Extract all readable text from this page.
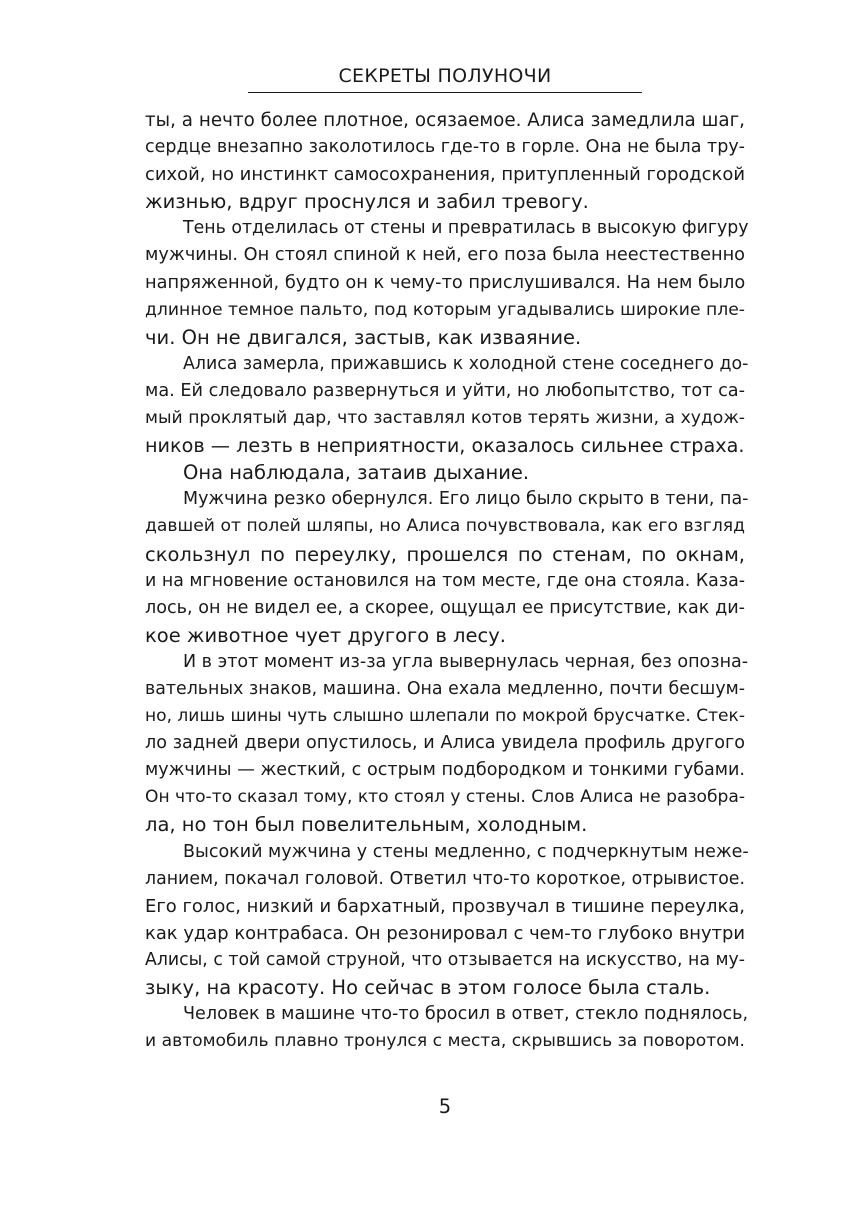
СЕКРЕТЫ ПОЛУНОЧИ
ты, а нечто более плотное, осязаемое. Алиса замедлила шаг,
сердце внезапно заколотилось где-то в горле. Она не была тру-
сихой, но инстинкт самосохранения, притупленный городской
жизнью, вдруг проснулся и забил тревогу.
Тень отделилась от стены и превратилась в высокую фигуру
мужчины. Он стоял спиной к ней, его поза была неестественно
напряженной, будто он к чему-то прислушивался. На нем было
длинное темное пальто, под которым угадывались широкие пле-
чи. Он не двигался, застыв, как изваяние.
Алиса замерла, прижавшись к холодной стене соседнего до-
ма. Ей следовало развернуться и уйти, но любопытство, тот са-
мый проклятый дар, что заставлял котов терять жизни, а худож-
ников — лезть в неприятности, оказалось сильнее страха.
Она наблюдала, затаив дыхание.
Мужчина резко обернулся. Его лицо было скрыто в тени, па-
давшей от полей шляпы, но Алиса почувствовала, как его взгляд
скользнул по переулку, прошелся по стенам, по окнам,
и на мгновение остановился на том месте, где она стояла. Каза-
лось, он не видел ее, а скорее, ощущал ее присутствие, как ди-
кое животное чует другого в лесу.
И в этот момент из-за угла вывернулась черная, без опозна-
вательных знаков, машина. Она ехала медленно, почти бесшум-
но, лишь шины чуть слышно шлепали по мокрой брусчатке. Стек-
ло задней двери опустилось, и Алиса увидела профиль другого
мужчины — жесткий, с острым подбородком и тонкими губами.
Он что-то сказал тому, кто стоял у стены. Слов Алиса не разобра-
ла, но тон был повелительным, холодным.
Высокий мужчина у стены медленно, с подчеркнутым неже-
ланием, покачал головой. Ответил что-то короткое, отрывистое.
Его голос, низкий и бархатный, прозвучал в тишине переулка,
как удар контрабаса. Он резонировал с чем-то глубоко внутри
Алисы, с той самой струной, что отзывается на искусство, на му-
зыку, на красоту. Но сейчас в этом голосе была сталь.
Человек в машине что-то бросил в ответ, стекло поднялось,
и автомобиль плавно тронулся с места, скрывшись за поворотом.
5
